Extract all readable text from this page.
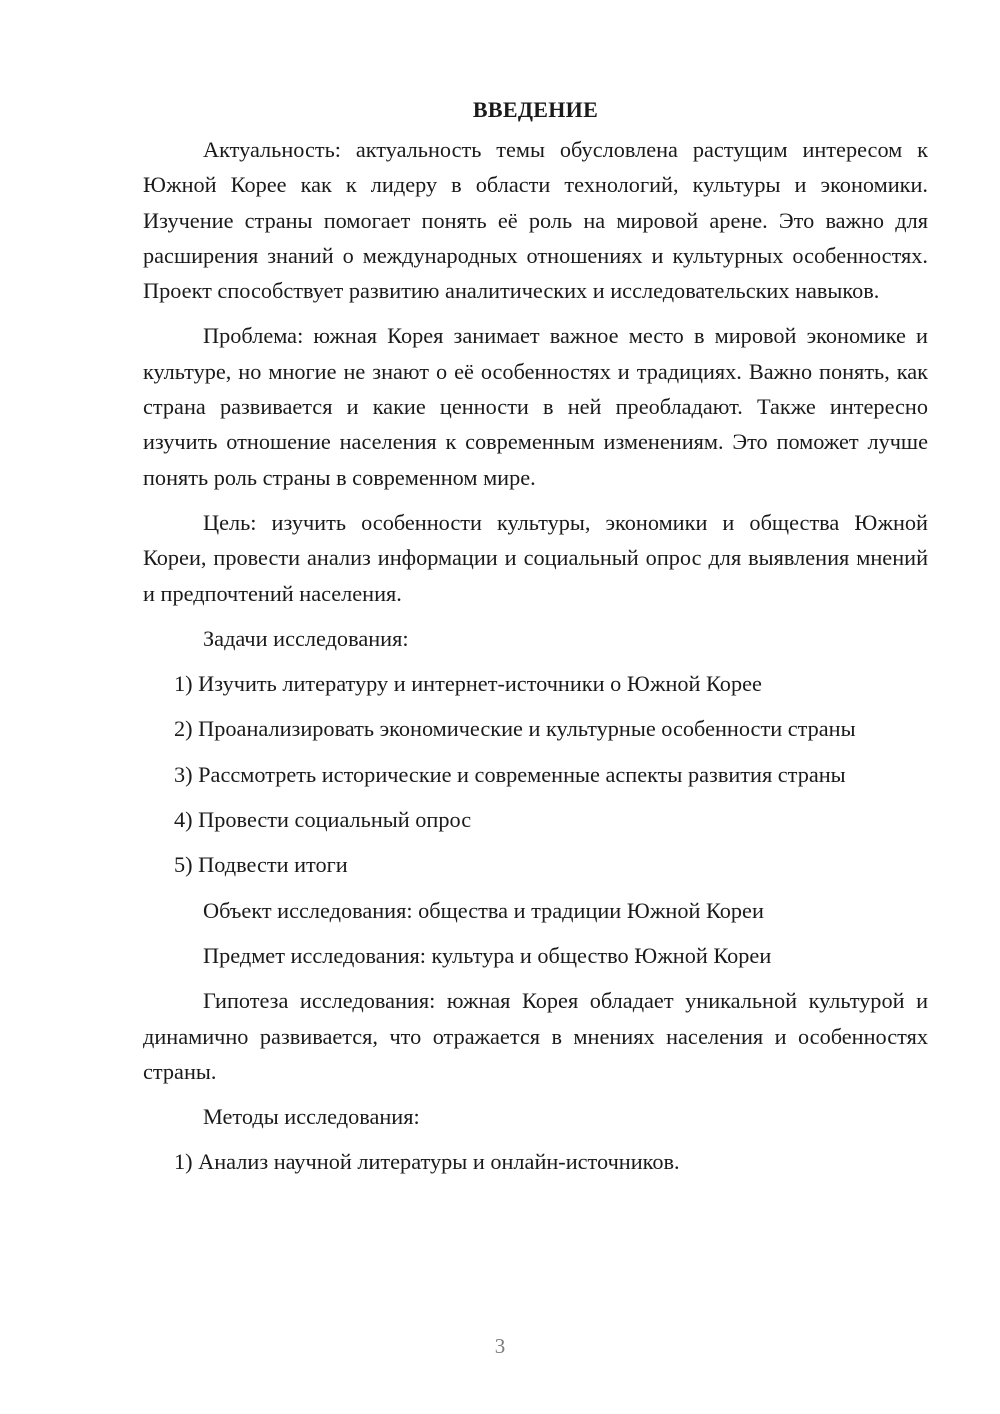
ВВЕДЕНИЕ

Актуальность: актуальность темы обусловлена растущим интересом к Южной Корее как к лидеру в области технологий, культуры и экономики. Изучение страны помогает понять её роль на мировой арене. Это важно для расширения знаний о международных отношениях и культурных особенностях. Проект способствует развитию аналитических и исследовательских навыков.

Проблема: южная Корея занимает важное место в мировой экономике и культуре, но многие не знают о её особенностях и традициях. Важно понять, как страна развивается и какие ценности в ней преобладают. Также интересно изучить отношение населения к современным изменениям. Это поможет лучше понять роль страны в современном мире.

Цель: изучить особенности культуры, экономики и общества Южной Кореи, провести анализ информации и социальный опрос для выявления мнений и предпочтений населения.

Задачи исследования:

1) Изучить литературу и интернет-источники о Южной Корее

2) Проанализировать экономические и культурные особенности страны

3) Рассмотреть исторические и современные аспекты развития страны

4) Провести социальный опрос

5) Подвести итоги

Объект исследования: общества и традиции Южной Кореи

Предмет исследования: культура и общество Южной Кореи

Гипотеза исследования: южная Корея обладает уникальной культурой и динамично развивается, что отражается в мнениях населения и особенностях страны.

Методы исследования:

1) Анализ научной литературы и онлайн-источников.

3
